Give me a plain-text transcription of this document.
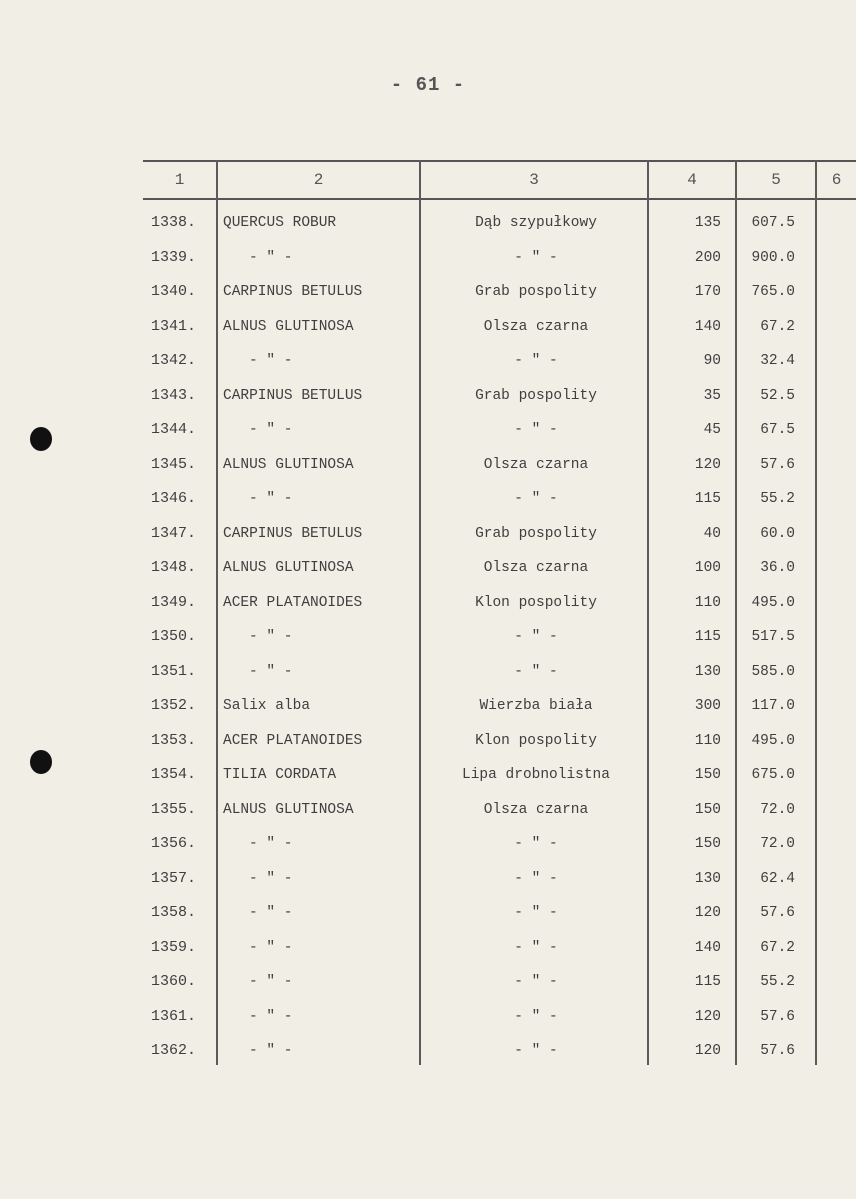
- 61 -
1	2	3	4	5	6
1338.	QUERCUS ROBUR	Dąb szypułkowy	135	607.5
1339.	- " -	- " -	200	900.0
1340.	CARPINUS BETULUS	Grab pospolity	170	765.0
1341.	ALNUS GLUTINOSA	Olsza czarna	140	67.2
1342.	- " -	- " -	90	32.4
1343.	CARPINUS BETULUS	Grab pospolity	35	52.5
1344.	- " -	- " -	45	67.5
1345.	ALNUS GLUTINOSA	Olsza czarna	120	57.6
1346.	- " -	- " -	115	55.2
1347.	CARPINUS BETULUS	Grab pospolity	40	60.0
1348.	ALNUS GLUTINOSA	Olsza czarna	100	36.0
1349.	ACER PLATANOIDES	Klon pospolity	110	495.0
1350.	- " -	- " -	115	517.5
1351.	- " -	- " -	130	585.0
1352.	Salix alba	Wierzba biała	300	117.0
1353.	ACER PLATANOIDES	Klon pospolity	110	495.0
1354.	TILIA CORDATA	Lipa drobnolistna	150	675.0
1355.	ALNUS GLUTINOSA	Olsza czarna	150	72.0
1356.	- " -	- " -	150	72.0
1357.	- " -	- " -	130	62.4
1358.	- " -	- " -	120	57.6
1359.	- " -	- " -	140	67.2
1360.	- " -	- " -	115	55.2
1361.	- " -	- " -	120	57.6
1362.	- " -	- " -	120	57.6
